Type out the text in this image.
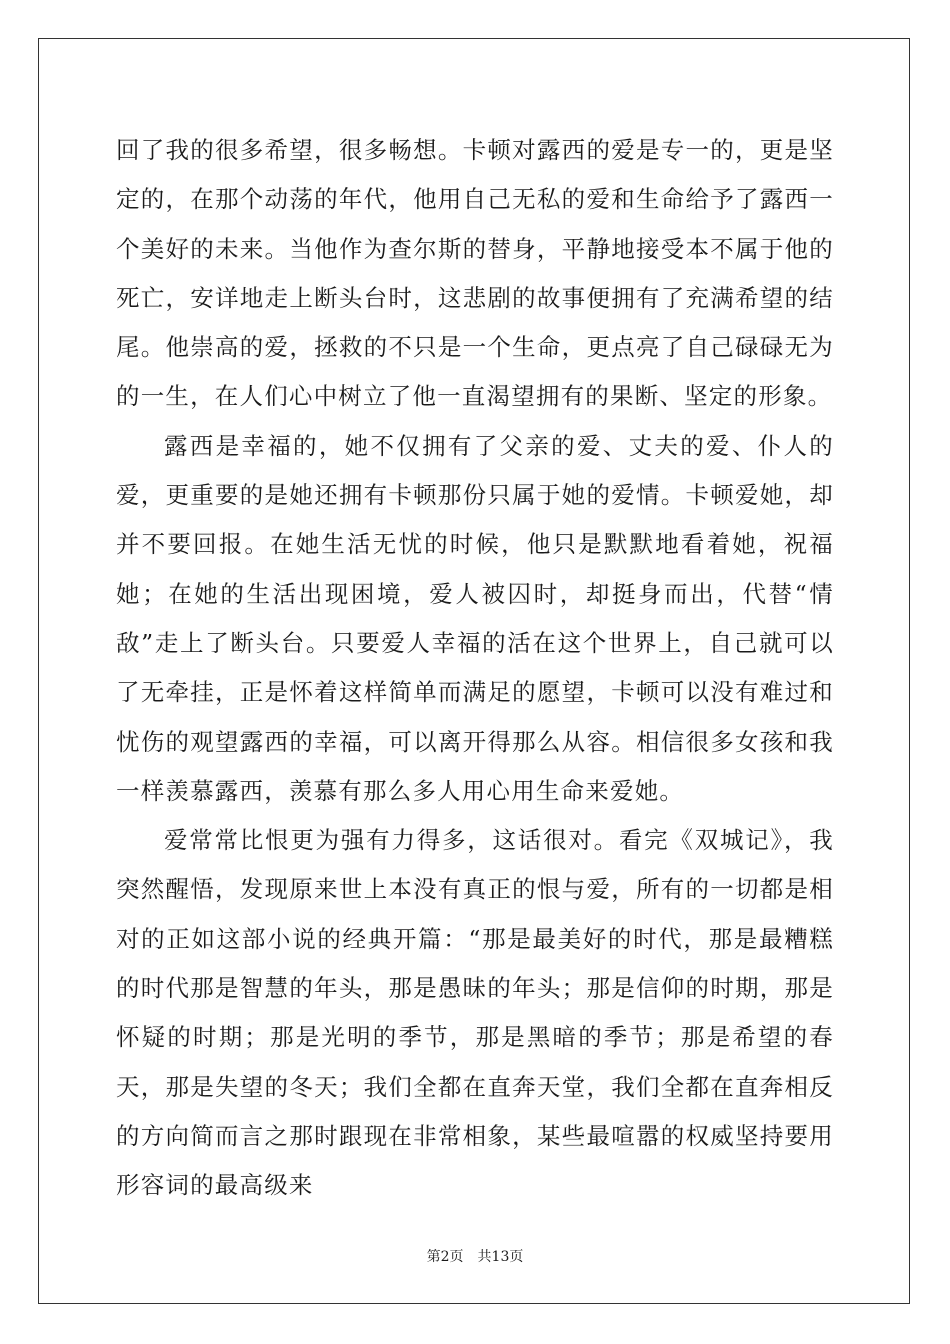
回了我的很多希望，很多畅想。卡顿对露西的爱是专一的，更是坚定的，在那个动荡的年代，他用自己无私的爱和生命给予了露西一个美好的未来。当他作为查尔斯的替身，平静地接受本不属于他的死亡，安详地走上断头台时，这悲剧的故事便拥有了充满希望的结尾。他崇高的爱，拯救的不只是一个生命，更点亮了自己碌碌无为的一生，在人们心中树立了他一直渴望拥有的果断、坚定的形象。

露西是幸福的，她不仅拥有了父亲的爱、丈夫的爱、仆人的爱，更重要的是她还拥有卡顿那份只属于她的爱情。卡顿爱她，却并不要回报。在她生活无忧的时候，他只是默默地看着她，祝福她；在她的生活出现困境，爱人被囚时，却挺身而出，代替“情敌”走上了断头台。只要爱人幸福的活在这个世界上，自己就可以了无牵挂，正是怀着这样简单而满足的愿望，卡顿可以没有难过和忧伤的观望露西的幸福，可以离开得那么从容。相信很多女孩和我一样羡慕露西，羡慕有那么多人用心用生命来爱她。

爱常常比恨更为强有力得多，这话很对。看完《双城记》，我突然醒悟，发现原来世上本没有真正的恨与爱，所有的一切都是相对的正如这部小说的经典开篇：“那是最美好的时代，那是最糟糕的时代那是智慧的年头，那是愚昧的年头；那是信仰的时期，那是怀疑的时期；那是光明的季节，那是黑暗的季节；那是希望的春天，那是失望的冬天；我们全都在直奔天堂，我们全都在直奔相反的方向简而言之那时跟现在非常相象，某些最喧嚣的权威坚持要用形容词的最高级来

第2页 共13页
